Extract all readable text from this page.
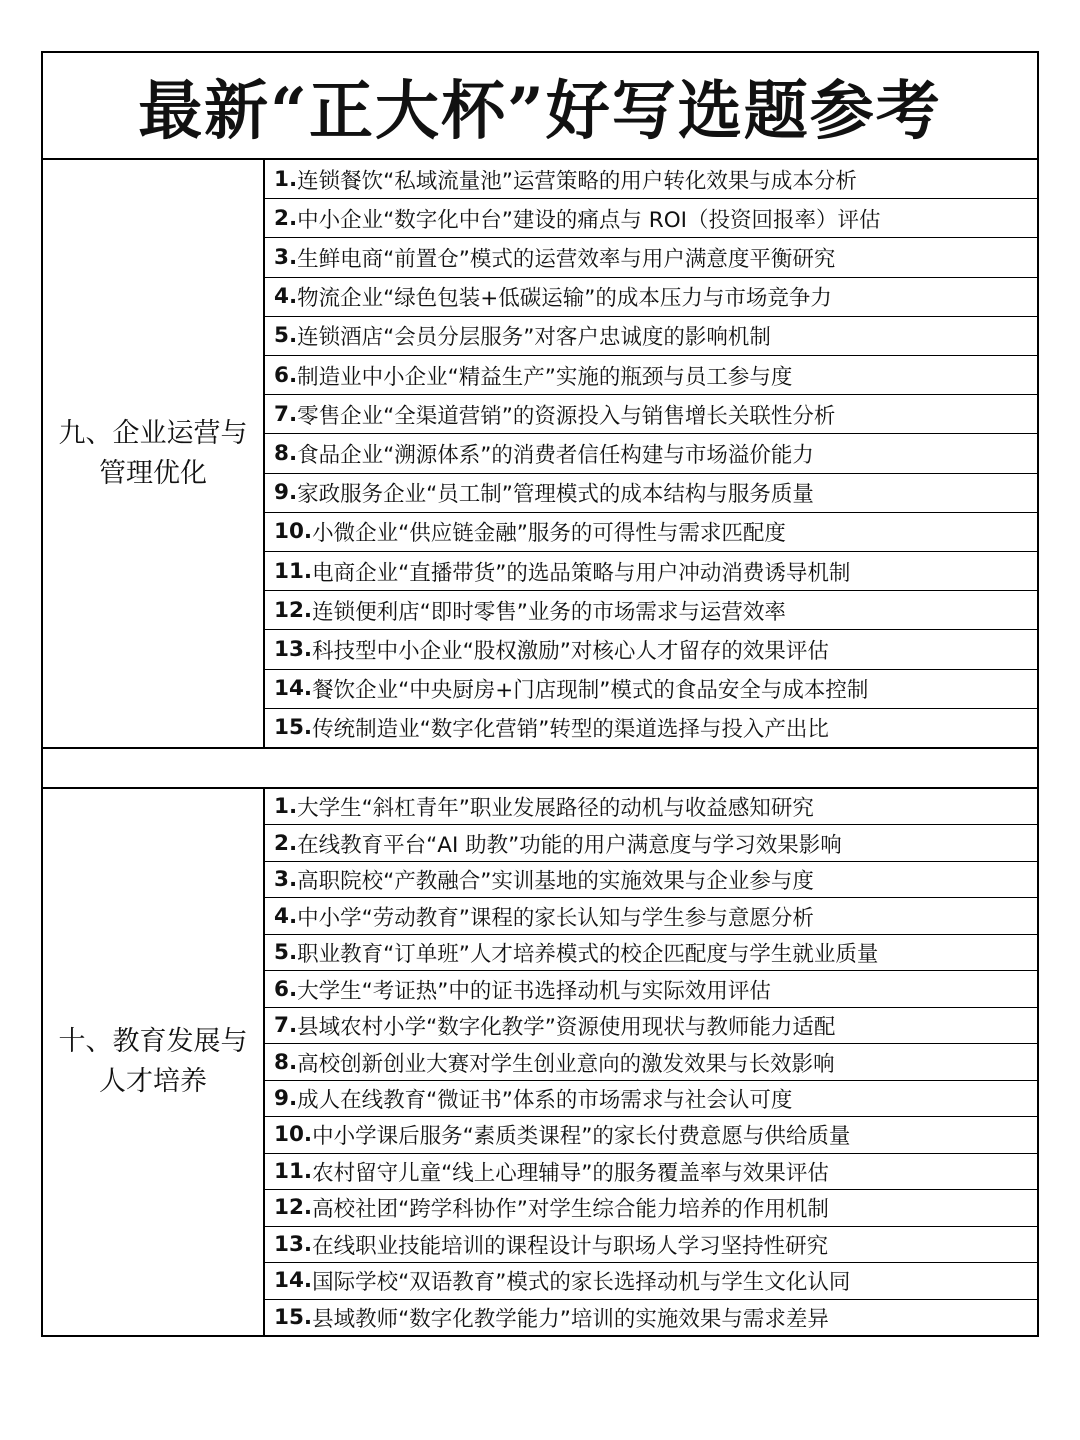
最新“正大杯”好写选题参考
九、企业运营与
管理优化
1. 连锁餐饮“私域流量池”运营策略的用户转化效果与成本分析
2. 中小企业“数字化中台”建设的痛点与 ROI（投资回报率）评估
3. 生鲜电商“前置仓”模式的运营效率与用户满意度平衡研究
4. 物流企业“绿色包装+低碳运输”的成本压力与市场竞争力
5. 连锁酒店“会员分层服务”对客户忠诚度的影响机制
6. 制造业中小企业“精益生产”实施的瓶颈与员工参与度
7. 零售企业“全渠道营销”的资源投入与销售增长关联性分析
8. 食品企业“溯源体系”的消费者信任构建与市场溢价能力
9. 家政服务企业“员工制”管理模式的成本结构与服务质量
10. 小微企业“供应链金融”服务的可得性与需求匹配度
11. 电商企业“直播带货”的选品策略与用户冲动消费诱导机制
12. 连锁便利店“即时零售”业务的市场需求与运营效率
13. 科技型中小企业“股权激励”对核心人才留存的效果评估
14. 餐饮企业“中央厨房+门店现制”模式的食品安全与成本控制
15. 传统制造业“数字化营销”转型的渠道选择与投入产出比
十、教育发展与
人才培养
1. 大学生“斜杠青年”职业发展路径的动机与收益感知研究
2. 在线教育平台“AI 助教”功能的用户满意度与学习效果影响
3. 高职院校“产教融合”实训基地的实施效果与企业参与度
4. 中小学“劳动教育”课程的家长认知与学生参与意愿分析
5. 职业教育“订单班”人才培养模式的校企匹配度与学生就业质量
6. 大学生“考证热”中的证书选择动机与实际效用评估
7. 县域农村小学“数字化教学”资源使用现状与教师能力适配
8. 高校创新创业大赛对学生创业意向的激发效果与长效影响
9. 成人在线教育“微证书”体系的市场需求与社会认可度
10. 中小学课后服务“素质类课程”的家长付费意愿与供给质量
11. 农村留守儿童“线上心理辅导”的服务覆盖率与效果评估
12. 高校社团“跨学科协作”对学生综合能力培养的作用机制
13. 在线职业技能培训的课程设计与职场人学习坚持性研究
14. 国际学校“双语教育”模式的家长选择动机与学生文化认同
15. 县域教师“数字化教学能力”培训的实施效果与需求差异
